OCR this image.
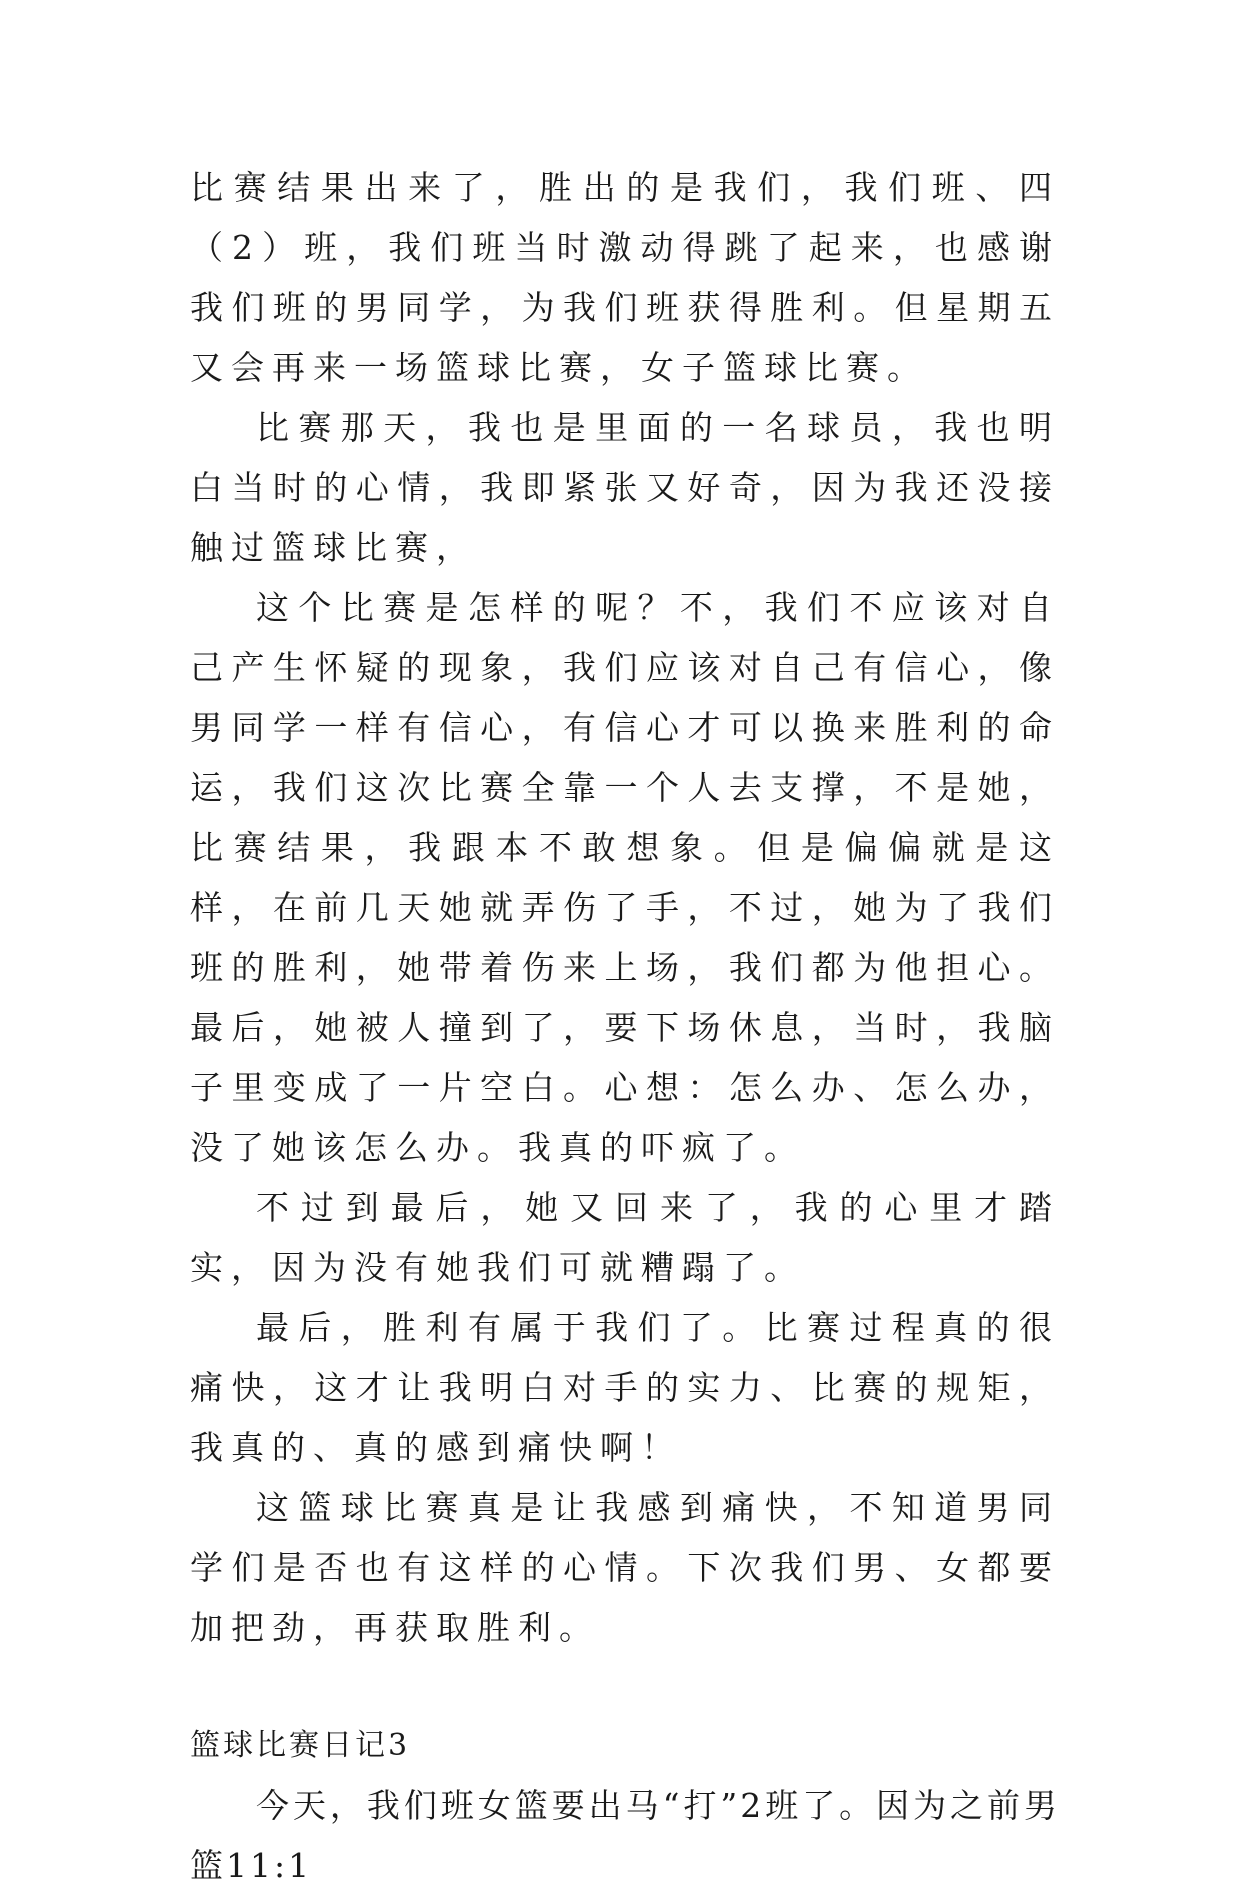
比赛结果出来了，胜出的是我们，我们班、四（2）班，我们班当时激动得跳了起来，也感谢我们班的男同学，为我们班获得胜利。但星期五又会再来一场篮球比赛，女子篮球比赛。

比赛那天，我也是里面的一名球员，我也明白当时的心情，我即紧张又好奇，因为我还没接触过篮球比赛，

这个比赛是怎样的呢？不，我们不应该对自己产生怀疑的现象，我们应该对自己有信心，像男同学一样有信心，有信心才可以换来胜利的命运，我们这次比赛全靠一个人去支撑，不是她，比赛结果，我跟本不敢想象。但是偏偏就是这样，在前几天她就弄伤了手，不过，她为了我们班的胜利，她带着伤来上场，我们都为他担心。最后，她被人撞到了，要下场休息，当时，我脑子里变成了一片空白。心想：怎么办、怎么办，没了她该怎么办。我真的吓疯了。

不过到最后，她又回来了，我的心里才踏实，因为没有她我们可就糟蹋了。

最后，胜利有属于我们了。比赛过程真的很痛快，这才让我明白对手的实力、比赛的规矩，我真的、真的感到痛快啊！

这篮球比赛真是让我感到痛快，不知道男同学们是否也有这样的心情。下次我们男、女都要加把劲，再获取胜利。

篮球比赛日记3

今天，我们班女篮要出马“打”2班了。因为之前男篮11:1
